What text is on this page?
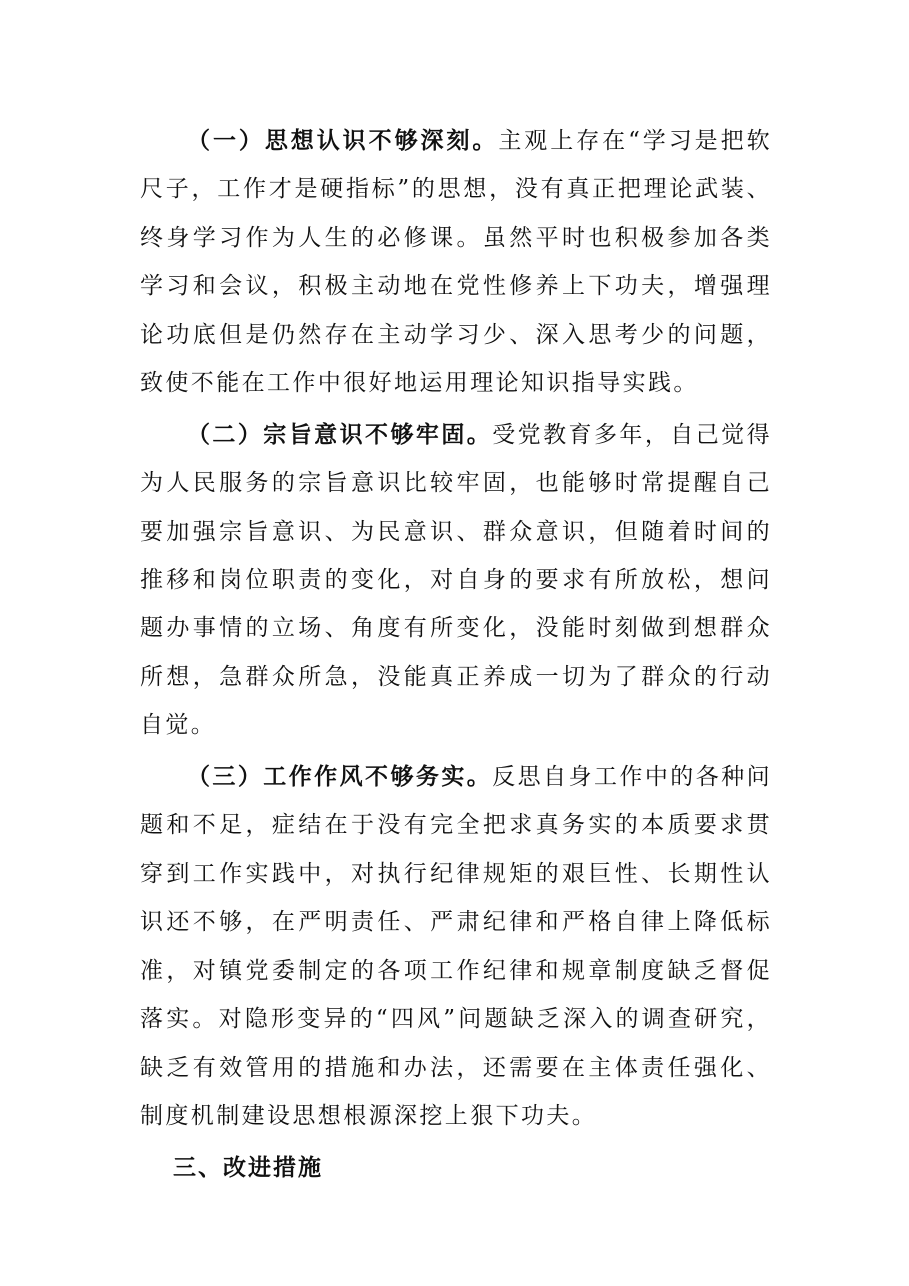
（一）思想认识不够深刻。主观上存在“学习是把软尺子，工作才是硬指标”的思想，没有真正把理论武装、终身学习作为人生的必修课。虽然平时也积极参加各类学习和会议，积极主动地在党性修养上下功夫，增强理论功底但是仍然存在主动学习少、深入思考少的问题，致使不能在工作中很好地运用理论知识指导实践。

（二）宗旨意识不够牢固。受党教育多年，自己觉得为人民服务的宗旨意识比较牢固，也能够时常提醒自己要加强宗旨意识、为民意识、群众意识，但随着时间的推移和岗位职责的变化，对自身的要求有所放松，想问题办事情的立场、角度有所变化，没能时刻做到想群众所想，急群众所急，没能真正养成一切为了群众的行动自觉。

（三）工作作风不够务实。反思自身工作中的各种问题和不足，症结在于没有完全把求真务实的本质要求贯穿到工作实践中，对执行纪律规矩的艰巨性、长期性认识还不够，在严明责任、严肃纪律和严格自律上降低标准，对镇党委制定的各项工作纪律和规章制度缺乏督促落实。对隐形变异的“四风”问题缺乏深入的调查研究，缺乏有效管用的措施和办法，还需要在主体责任强化、制度机制建设思想根源深挖上狠下功夫。

三、改进措施
